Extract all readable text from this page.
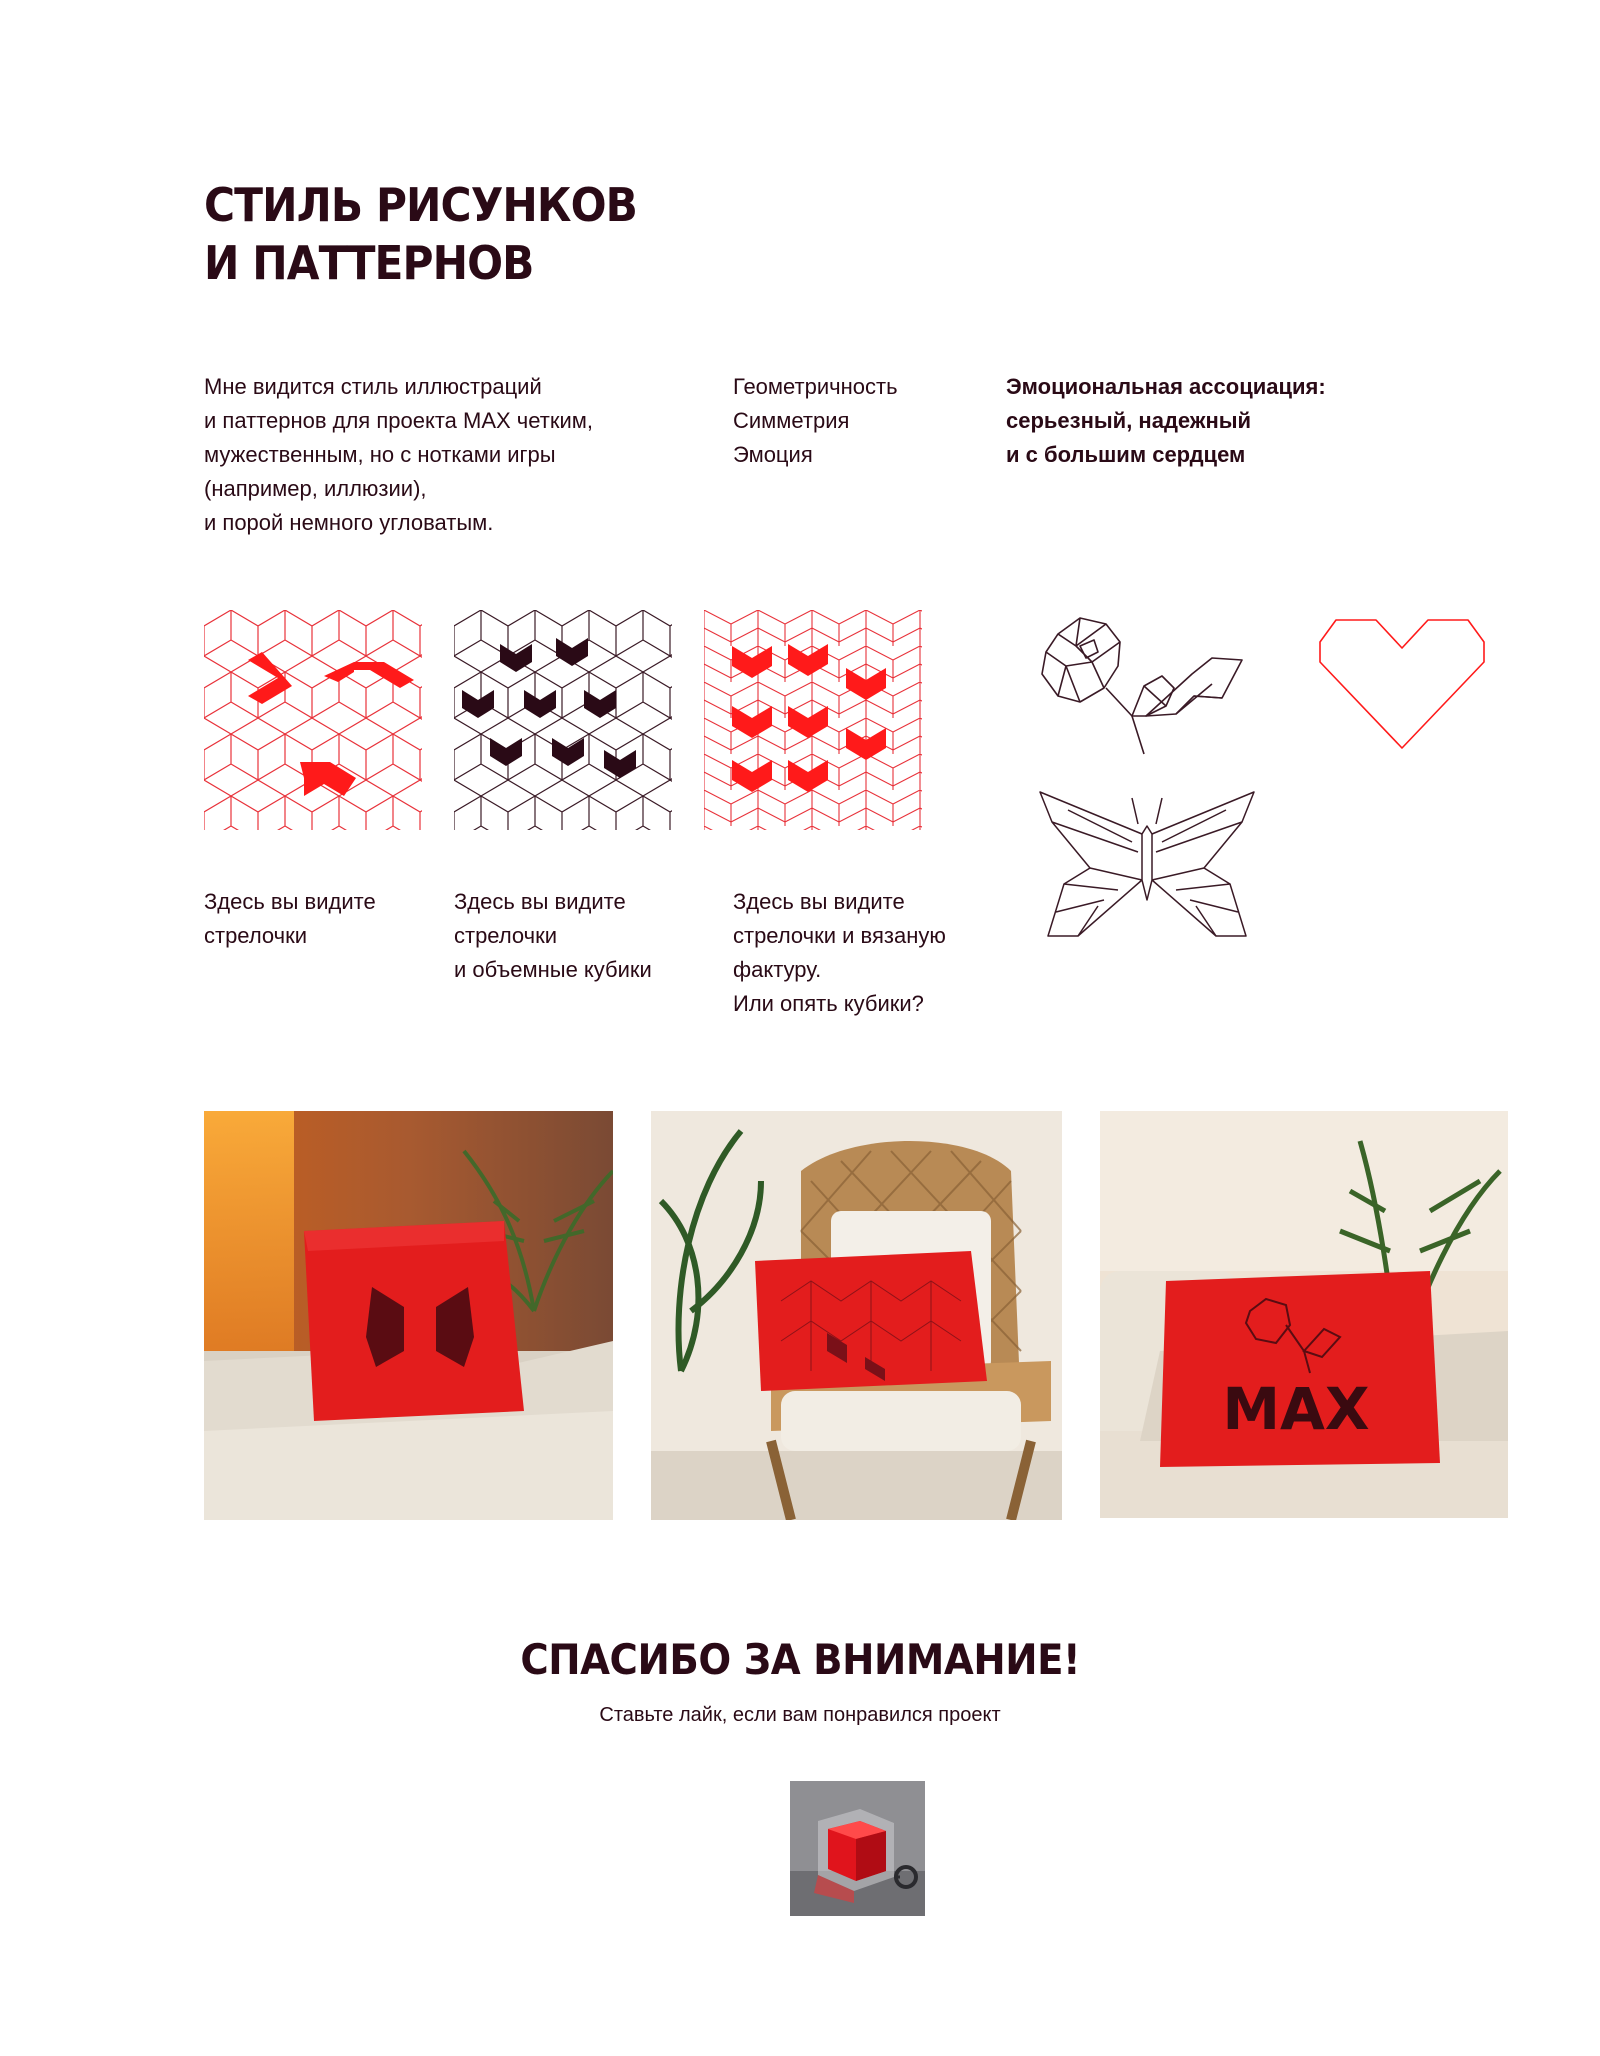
СТИЛЬ РИСУНКОВ
И ПАТТЕРНОВ

Мне видится стиль иллюстраций
и паттернов для проекта MAX четким,
мужественным, но с нотками игры
(например, иллюзии),
и порой немного угловатым.

Геометричность
Симметрия
Эмоция

Эмоциональная ассоциация:
серьезный, надежный
и с большим сердцем

Здесь вы видите
стрелочки

Здесь вы видите
стрелочки
и объемные кубики

Здесь вы видите
стрелочки и вязаную
фактуру.
Или опять кубики?

MAX
СПАСИБО ЗА ВНИМАНИЕ!

Ставьте лайк, если вам понравился проект
